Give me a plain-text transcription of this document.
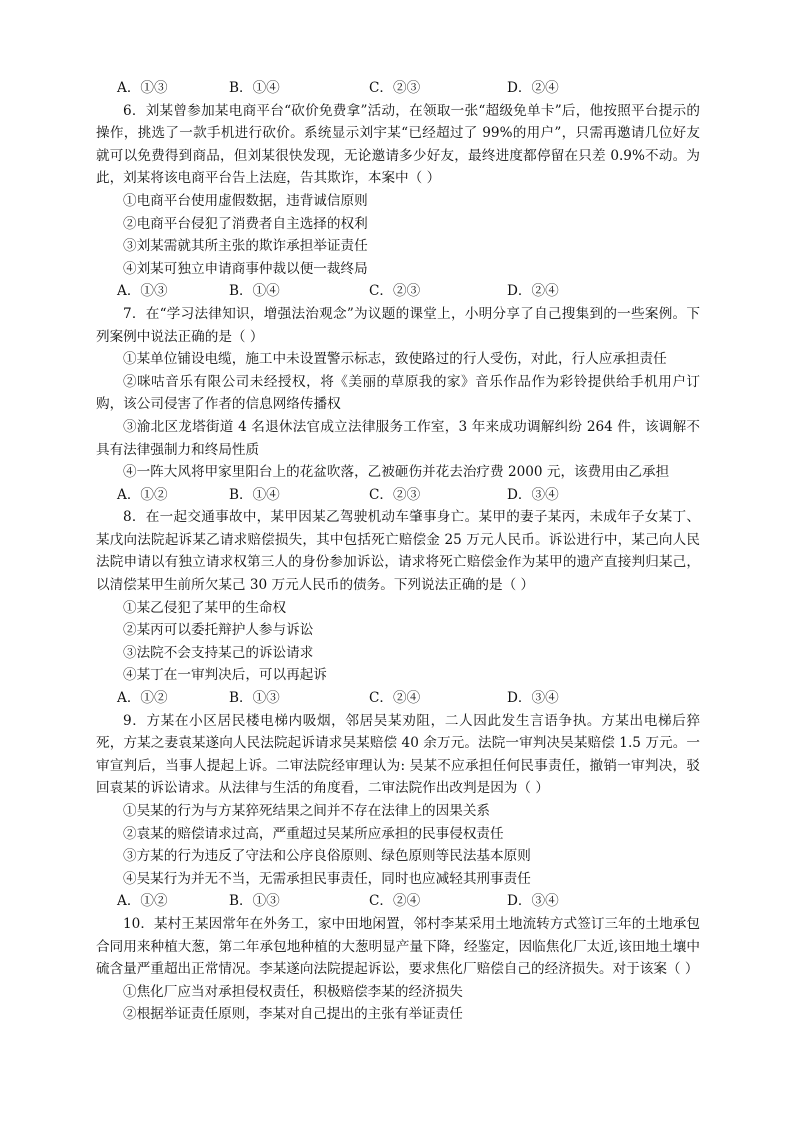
A．①③	B．①④	C．②③	D．②④

6．刘某曾参加某电商平台“砍价免费拿”活动，在领取一张“超级免单卡”后，他按照平台提示的操作，挑选了一款手机进行砍价。系统显示刘宇某“已经超过了 99%的用户”，只需再邀请几位好友就可以免费得到商品，但刘某很快发现，无论邀请多少好友，最终进度都停留在只差 0.9%不动。为此，刘某将该电商平台告上法庭，告其欺诈，本案中（ ）

①电商平台使用虚假数据，违背诚信原则

②电商平台侵犯了消费者自主选择的权利

③刘某需就其所主张的欺诈承担举证责任

④刘某可独立申请商事仲裁以便一裁终局

A．①③	B．①④	C．②③	D．②④

7．在“学习法律知识，增强法治观念”为议题的课堂上，小明分享了自己搜集到的一些案例。下列案例中说法正确的是（ ）

①某单位铺设电缆，施工中未设置警示标志，致使路过的行人受伤，对此，行人应承担责任

②咪咕音乐有限公司未经授权，将《美丽的草原我的家》音乐作品作为彩铃提供给手机用户订购，该公司侵害了作者的信息网络传播权

③渝北区龙塔街道 4 名退休法官成立法律服务工作室，3 年来成功调解纠纷 264 件，该调解不具有法律强制力和终局性质

④一阵大风将甲家里阳台上的花盆吹落，乙被砸伤并花去治疗费 2000 元，该费用由乙承担

A．①②	B．①④	C．②③	D．③④

8．在一起交通事故中，某甲因某乙驾驶机动车肇事身亡。某甲的妻子某丙，未成年子女某丁、某戊向法院起诉某乙请求赔偿损失，其中包括死亡赔偿金 25 万元人民币。诉讼进行中，某己向人民法院申请以有独立请求权第三人的身份参加诉讼，请求将死亡赔偿金作为某甲的遗产直接判归某己，以清偿某甲生前所欠某己 30 万元人民币的债务。下列说法正确的是（ ）

①某乙侵犯了某甲的生命权

②某丙可以委托辩护人参与诉讼

③法院不会支持某己的诉讼请求

④某丁在一审判决后，可以再起诉

A．①②	B．①③	C．②④	D．③④

9．方某在小区居民楼电梯内吸烟，邻居吴某劝阻，二人因此发生言语争执。方某出电梯后猝死，方某之妻袁某遂向人民法院起诉请求吴某赔偿 40 余万元。法院一审判决吴某赔偿 1.5 万元。一审宣判后，当事人提起上诉。二审法院经审理认为: 吴某不应承担任何民事责任，撤销一审判决，驳回袁某的诉讼请求。从法律与生活的角度看，二审法院作出改判是因为（ ）

①吴某的行为与方某猝死结果之间并不存在法律上的因果关系

②袁某的赔偿请求过高，严重超过吴某所应承担的民事侵权责任

③方某的行为违反了守法和公序良俗原则、绿色原则等民法基本原则

④吴某行为并无不当，无需承担民事责任，同时也应减轻其刑事责任

A．①②	B．①③	C．②④	D．③④

10．某村王某因常年在外务工，家中田地闲置，邻村李某采用土地流转方式签订三年的土地承包合同用来种植大葱，第二年承包地种植的大葱明显产量下降，经鉴定，因临焦化厂太近,该田地土壤中硫含量严重超出正常情况。李某遂向法院提起诉讼，要求焦化厂赔偿自己的经济损失。对于该案（ ）

①焦化厂应当对承担侵权责任，积极赔偿李某的经济损失

②根据举证责任原则，李某对自己提出的主张有举证责任
